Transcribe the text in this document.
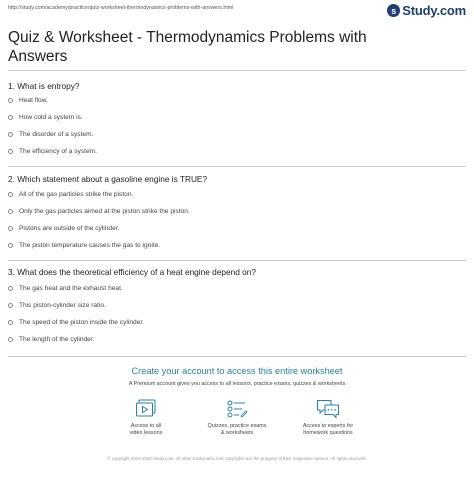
http://study.com/academy/practice/quiz-worksheet-thermodynamics-problems-with-answers.html	s Study.com
Quiz & Worksheet - Thermodynamics Problems with Answers
1. What is entropy?
Heat flow.
How cold a system is.
The disorder of a system.
The efficiency of a system.
2. Which statement about a gasoline engine is TRUE?
All of the gas particles strike the piston.
Only the gas particles aimed at the piston strike the piston.
Pistons are outside of the cylinder.
The piston temperature causes the gas to ignite.
3. What does the theoretical efficiency of a heat engine depend on?
The gas heat and the exhaust heat.
This piston-cylinder size ratio.
The speed of the piston inside the cylinder.
The length of the cylinder.
Create your account to access this entire worksheet
A Premium account gives you access to all lessons, practice exams, quizzes & worksheets
Access to all
video lessons
Quizzes, practice exams
& worksheets
Access to experts for
homework questions
© copyright 2003-2020 Study.com. All other trademarks and copyrights are the property of their respective owners. All rights reserved.
